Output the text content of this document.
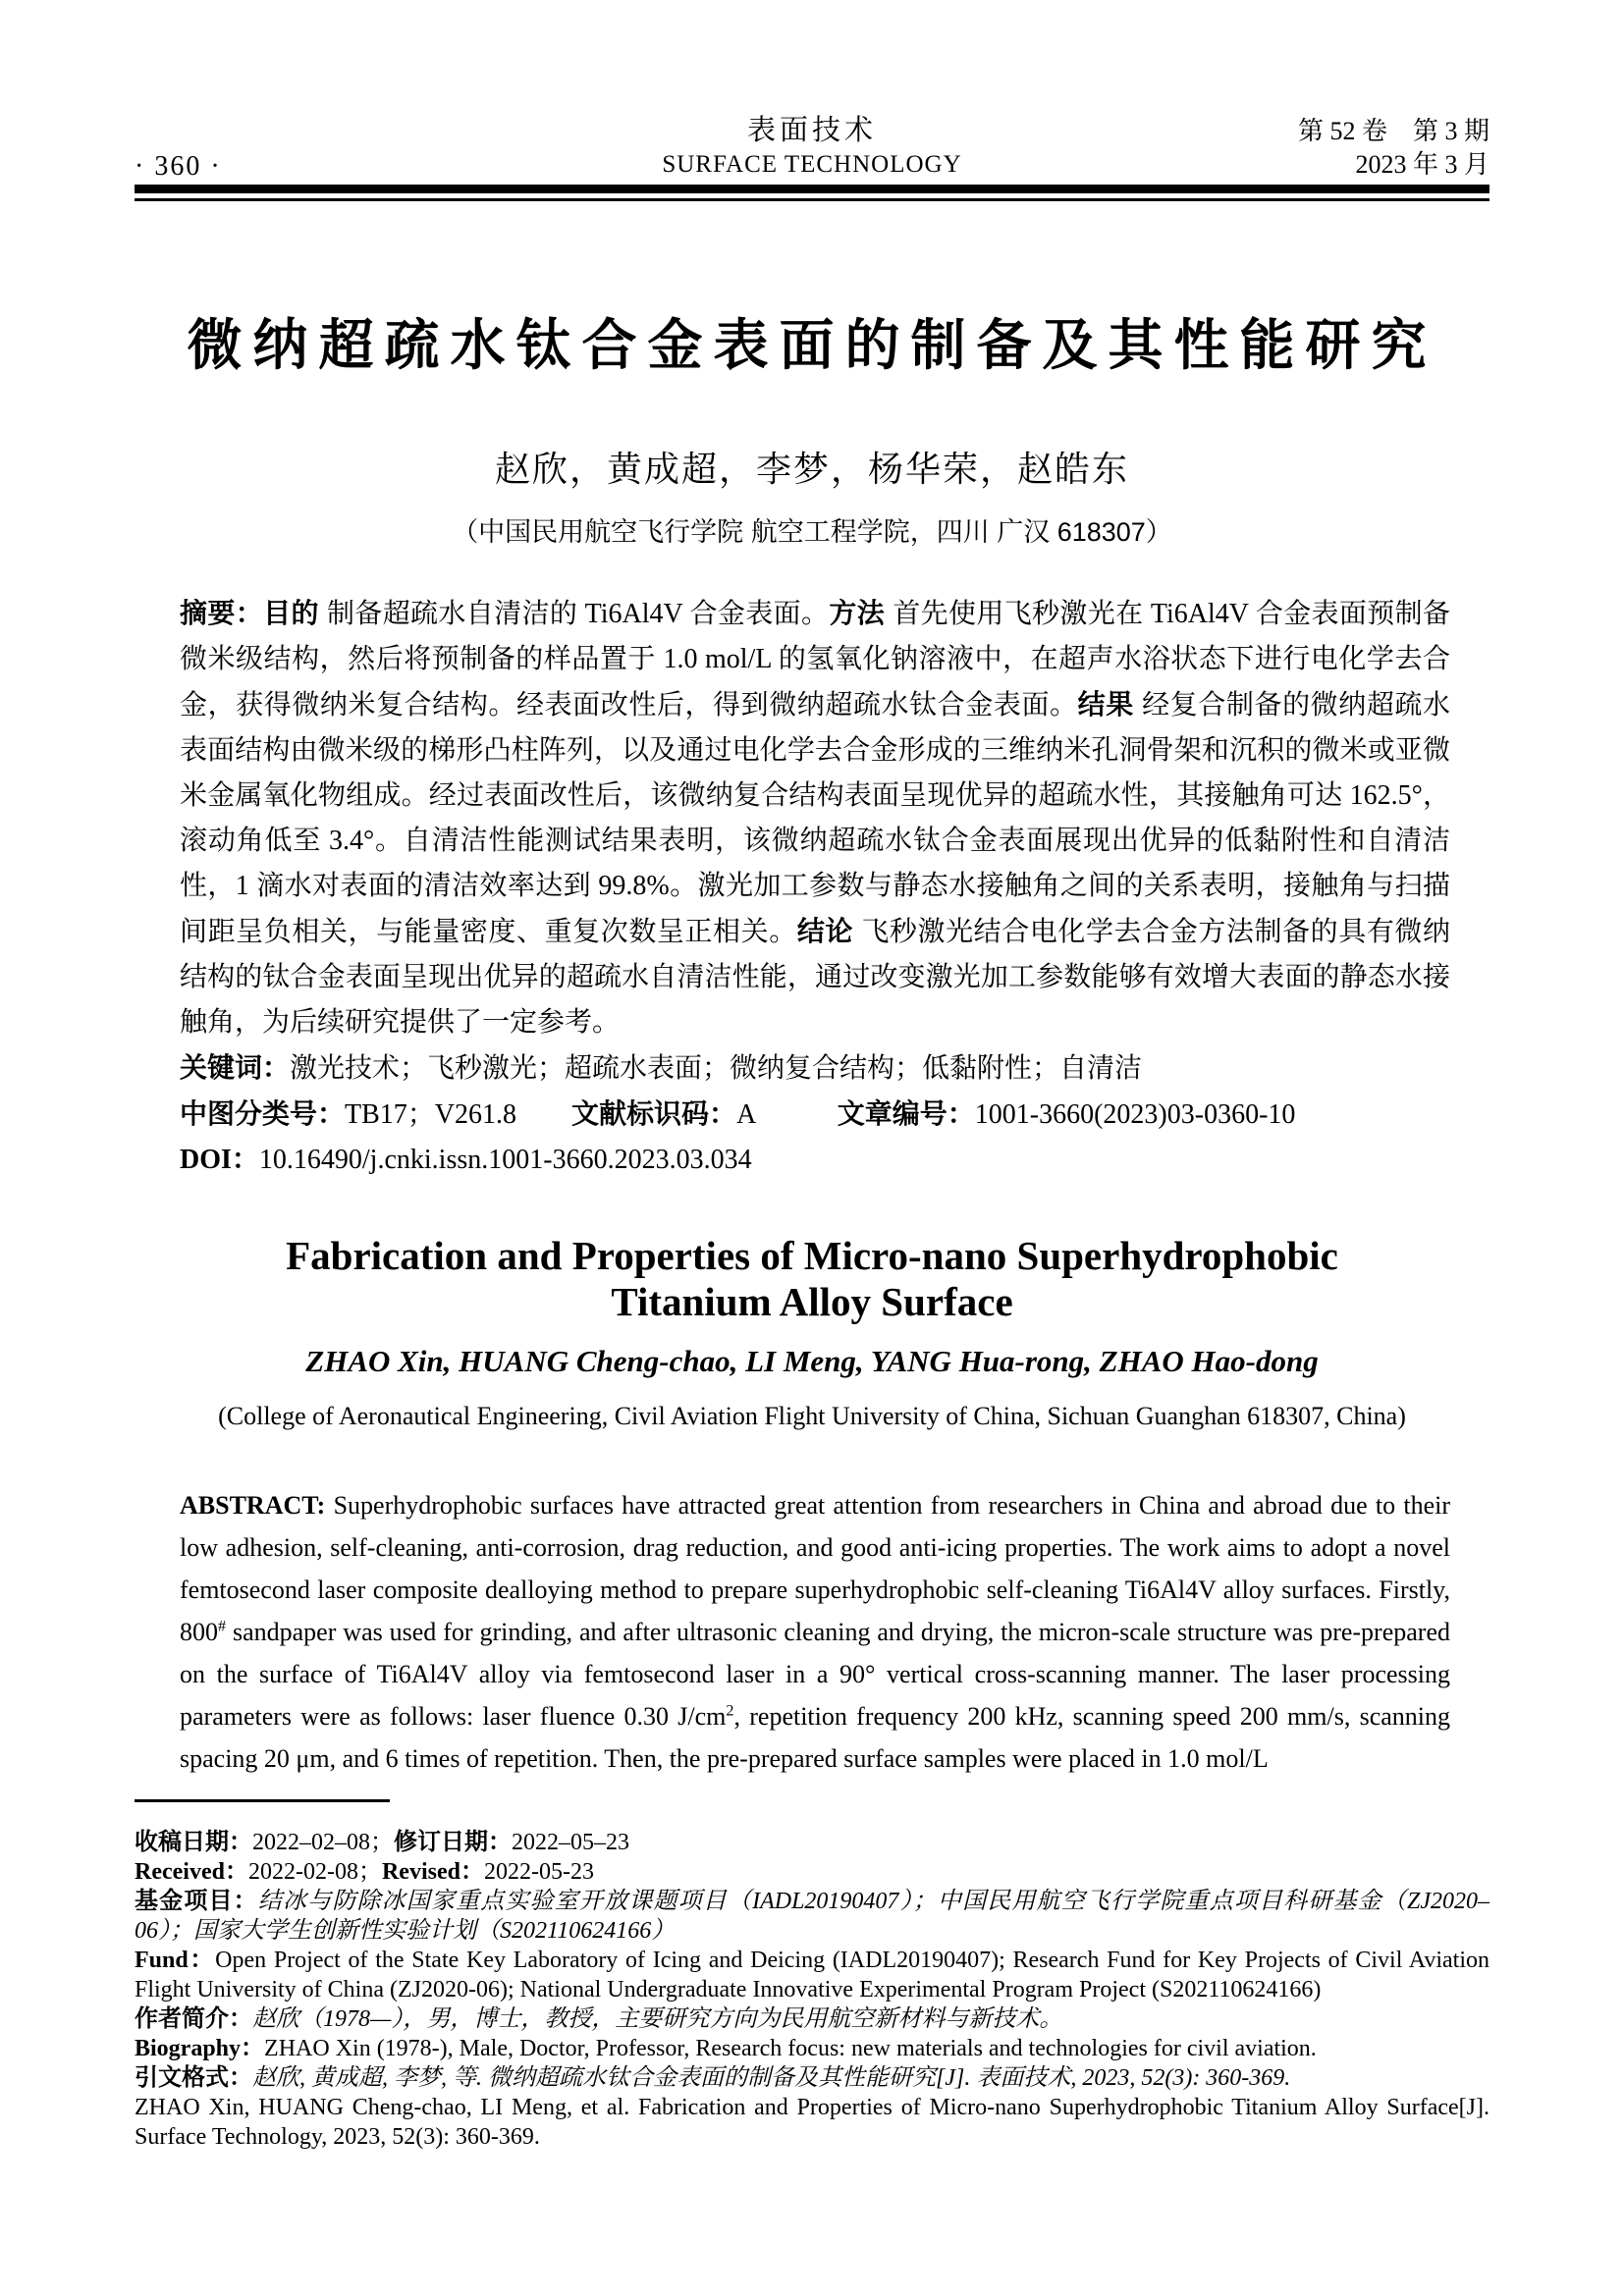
· 360 ·
表面技术
SURFACE TECHNOLOGY
第 52 卷　第 3 期
2023 年 3 月
微纳超疏水钛合金表面的制备及其性能研究
赵欣，黄成超，李梦，杨华荣，赵皓东
（中国民用航空飞行学院 航空工程学院，四川 广汉 618307）

摘要：目的 制备超疏水自清洁的 Ti6Al4V 合金表面。方法 首先使用飞秒激光在 Ti6Al4V 合金表面预制备微米级结构，然后将预制备的样品置于 1.0 mol/L 的氢氧化钠溶液中，在超声水浴状态下进行电化学去合金，获得微纳米复合结构。经表面改性后，得到微纳超疏水钛合金表面。结果 经复合制备的微纳超疏水表面结构由微米级的梯形凸柱阵列，以及通过电化学去合金形成的三维纳米孔洞骨架和沉积的微米或亚微米金属氧化物组成。经过表面改性后，该微纳复合结构表面呈现优异的超疏水性，其接触角可达 162.5°，滚动角低至 3.4°。自清洁性能测试结果表明，该微纳超疏水钛合金表面展现出优异的低黏附性和自清洁性，1 滴水对表面的清洁效率达到 99.8%。激光加工参数与静态水接触角之间的关系表明，接触角与扫描间距呈负相关，与能量密度、重复次数呈正相关。结论 飞秒激光结合电化学去合金方法制备的具有微纳结构的钛合金表面呈现出优异的超疏水自清洁性能，通过改变激光加工参数能够有效增大表面的静态水接触角，为后续研究提供了一定参考。

关键词：激光技术；飞秒激光；超疏水表面；微纳复合结构；低黏附性；自清洁

中图分类号：TB17；V261.8　　 文献标识码：A　　　	文章编号：1001-3660(2023)03-0360-10

DOI：10.16490/j.cnki.issn.1001-3660.2023.03.034

Fabrication and Properties of Micro-nano Superhydrophobic
Titanium Alloy Surface
ZHAO Xin, HUANG Cheng-chao, LI Meng, YANG Hua-rong, ZHAO Hao-dong
(College of Aeronautical Engineering, Civil Aviation Flight University of China, Sichuan Guanghan 618307, China)

ABSTRACT: Superhydrophobic surfaces have attracted great attention from researchers in China and abroad due to their low adhesion, self-cleaning, anti-corrosion, drag reduction, and good anti-icing properties. The work aims to adopt a novel femtosecond laser composite dealloying method to prepare superhydrophobic self-cleaning Ti6Al4V alloy surfaces. Firstly, 800# sandpaper was used for grinding, and after ultrasonic cleaning and drying, the micron-scale structure was pre-prepared on the surface of Ti6Al4V alloy via femtosecond laser in a 90° vertical cross-scanning manner. The laser processing parameters were as follows: laser fluence 0.30 $J/cm^2$, repetition frequency 200 kHz, scanning speed 200 mm/s, scanning spacing 20 μm, and 6 times of repetition. Then, the pre-prepared surface samples were placed in 1.0 mol/L

收稿日期：2022–02–08；修订日期：2022–05–23

Received：2022-02-08；Revised：2022-05-23

基金项目：结冰与防除冰国家重点实验室开放课题项目（IADL20190407）；中国民用航空飞行学院重点项目科研基金（ZJ2020–06）；国家大学生创新性实验计划（S202110624166）

Fund：Open Project of the State Key Laboratory of Icing and Deicing (IADL20190407); Research Fund for Key Projects of Civil Aviation Flight University of China (ZJ2020-06); National Undergraduate Innovative Experimental Program Project (S202110624166)

作者简介：赵欣（1978—），男，博士，教授，主要研究方向为民用航空新材料与新技术。

Biography：ZHAO Xin (1978-), Male, Doctor, Professor, Research focus: new materials and technologies for civil aviation.

引文格式：赵欣, 黄成超, 李梦, 等. 微纳超疏水钛合金表面的制备及其性能研究[J]. 表面技术, 2023, 52(3): 360-369.

ZHAO Xin, HUANG Cheng-chao, LI Meng, et al. Fabrication and Properties of Micro-nano Superhydrophobic Titanium Alloy Surface[J]. Surface Technology, 2023, 52(3): 360-369.
